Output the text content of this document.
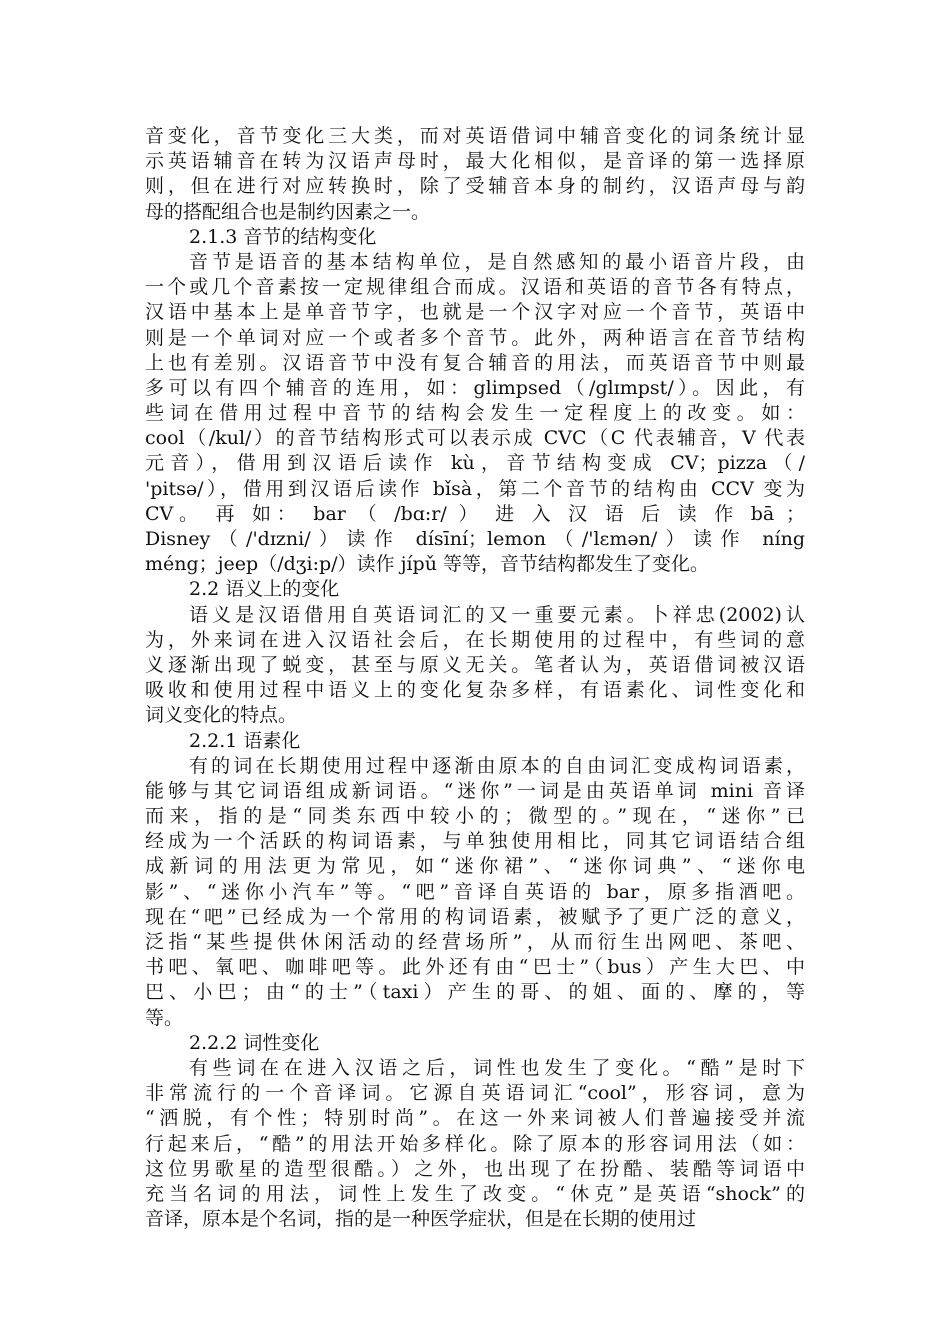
音变化，音节变化三大类，而对英语借词中辅音变化的词条统计显
示英语辅音在转为汉语声母时，最大化相似，是音译的第一选择原
则，但在进行对应转换时，除了受辅音本身的制约，汉语声母与韵
母的搭配组合也是制约因素之一。
2.1.3 音节的结构变化
音节是语音的基本结构单位，是自然感知的最小语音片段，由
一个或几个音素按一定规律组合而成。汉语和英语的音节各有特点，
汉语中基本上是单音节字，也就是一个汉字对应一个音节，英语中
则是一个单词对应一个或者多个音节。此外，两种语言在音节结构
上也有差别。汉语音节中没有复合辅音的用法，而英语音节中则最
多可以有四个辅音的连用，如：glimpsed（/glɪmpst/）。因此，有
些词在借用过程中音节的结构会发生一定程度上的改变。如：
cool（/kul/）的音节结构形式可以表示成 CVC（C 代表辅音，V 代表
元音），借用到汉语后读作 kù，音节结构变成 CV；pizza（/
'pitsə/），借用到汉语后读作 bǐsà，第二个音节的结构由 CCV 变为
CV。 再 如： bar （ /bɑ:r/ ） 进 入 汉 语 后 读 作 bā ；
Disney（/'dɪzni/）读作 dísīní；lemon（/'lɛmən/）读作 níng
méng；jeep（/dʒi:p/）读作 jípǔ 等等，音节结构都发生了变化。
2.2 语义上的变化
语义是汉语借用自英语词汇的又一重要元素。卜祥忠(2002)认
为，外来词在进入汉语社会后，在长期使用的过程中，有些词的意
义逐渐出现了蜕变，甚至与原义无关。笔者认为，英语借词被汉语
吸收和使用过程中语义上的变化复杂多样，有语素化、词性变化和
词义变化的特点。
2.2.1 语素化
有的词在长期使用过程中逐渐由原本的自由词汇变成构词语素，
能够与其它词语组成新词语。“迷你”一词是由英语单词 mini 音译
而来，指的是“同类东西中较小的；微型的。”现在，“迷你”已
经成为一个活跃的构词语素，与单独使用相比，同其它词语结合组
成新词的用法更为常见，如“迷你裙”、“迷你词典”、“迷你电
影”、“迷你小汽车”等。“吧”音译自英语的 bar，原多指酒吧。
现在“吧”已经成为一个常用的构词语素，被赋予了更广泛的意义，
泛指“某些提供休闲活动的经营场所”，从而衍生出网吧、茶吧、
书吧、氧吧、咖啡吧等。此外还有由“巴士”（bus）产生大巴、中
巴、小巴；由“的士”（taxi）产生的哥、的姐、面的、摩的，等
等。
2.2.2 词性变化
有些词在在进入汉语之后，词性也发生了变化。“酷”是时下
非常流行的一个音译词。它源自英语词汇“cool”，形容词，意为
“洒脱，有个性；特别时尚”。在这一外来词被人们普遍接受并流
行起来后，“酷”的用法开始多样化。除了原本的形容词用法（如：
这位男歌星的造型很酷。）之外，也出现了在扮酷、装酷等词语中
充当名词的用法，词性上发生了改变。“休克”是英语“shock”的
音译，原本是个名词，指的是一种医学症状，但是在长期的使用过
